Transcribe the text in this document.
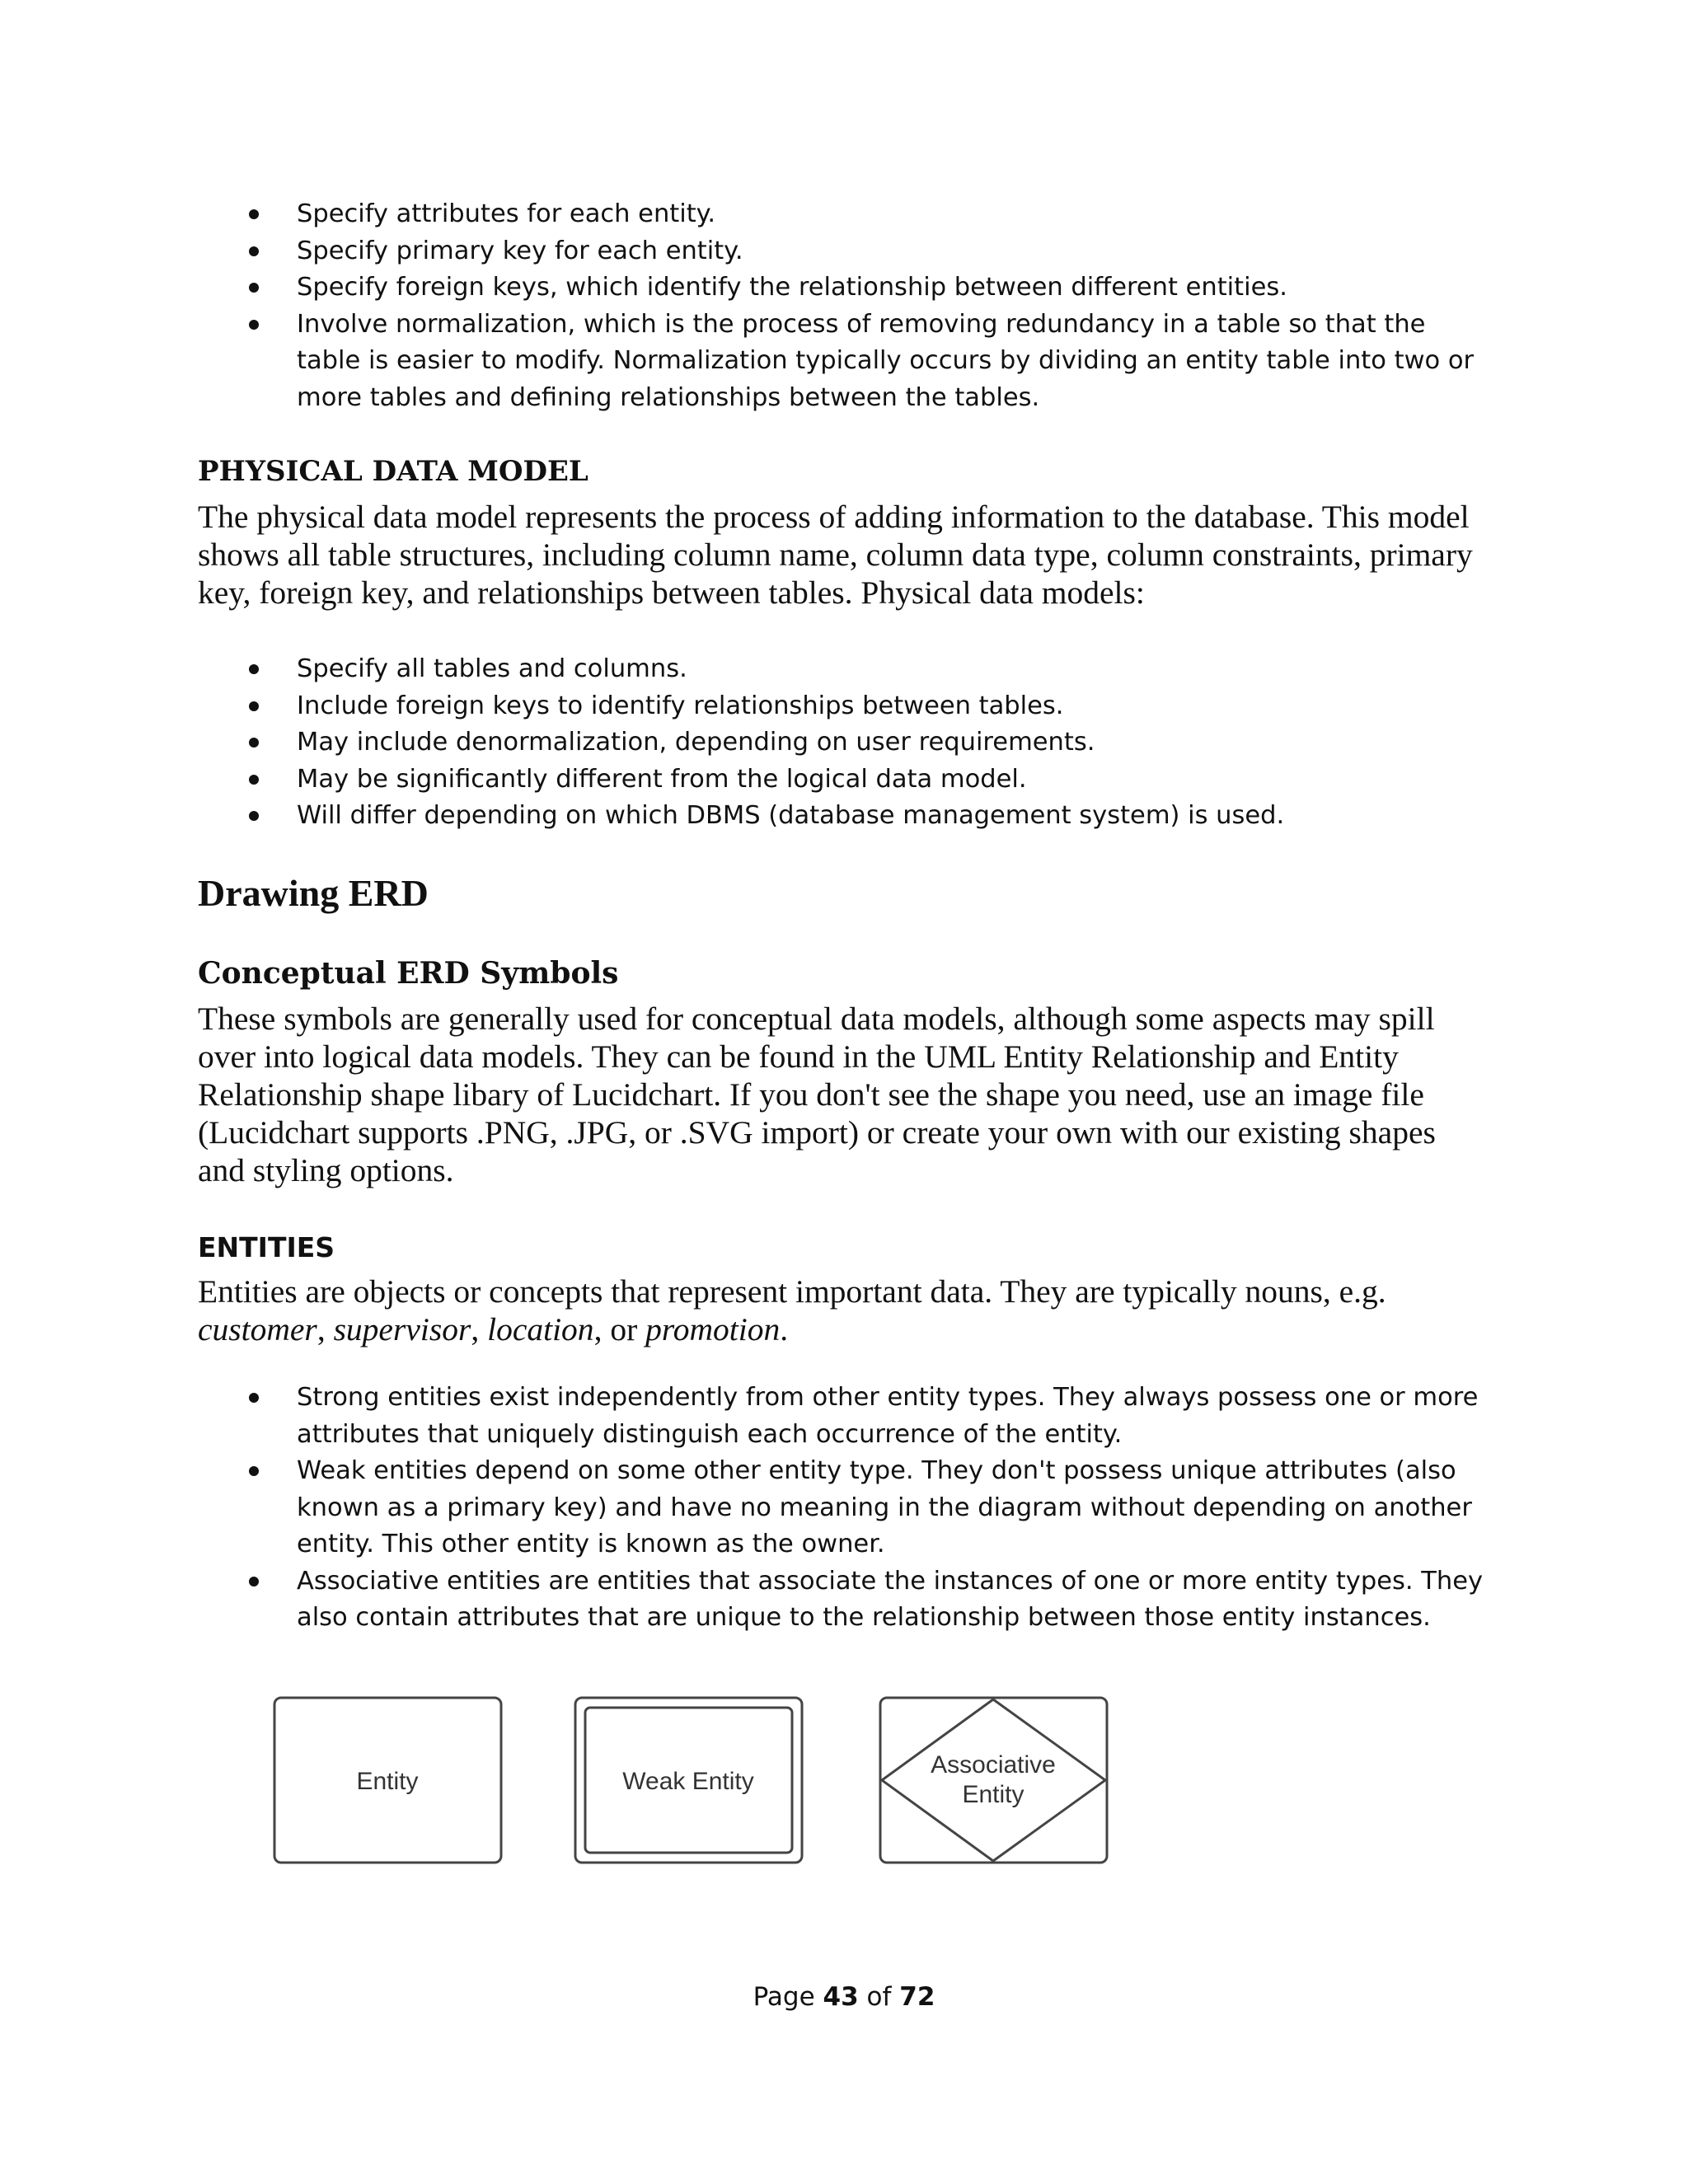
Specify attributes for each entity.
Specify primary key for each entity.
Specify foreign keys, which identify the relationship between different entities.
Involve normalization, which is the process of removing redundancy in a table so that the table is easier to modify. Normalization typically occurs by dividing an entity table into two or more tables and defining relationships between the tables.
PHYSICAL DATA MODEL

The physical data model represents the process of adding information to the database. This model shows all table structures, including column name, column data type, column constraints, primary key, foreign key, and relationships between tables. Physical data models:

Specify all tables and columns.
Include foreign keys to identify relationships between tables.
May include denormalization, depending on user requirements.
May be significantly different from the logical data model.
Will differ depending on which DBMS (database management system) is used.
Drawing ERD
Conceptual ERD Symbols

These symbols are generally used for conceptual data models, although some aspects may spill over into logical data models. They can be found in the UML Entity Relationship and Entity Relationship shape libary of Lucidchart. If you don't see the shape you need, use an image file (Lucidchart supports .PNG, .JPG, or .SVG import) or create your own with our existing shapes and styling options.

ENTITIES

Entities are objects or concepts that represent important data. They are typically nouns, e.g.
customer, supervisor, location, or promotion.

Strong entities exist independently from other entity types. They always possess one or more attributes that uniquely distinguish each occurrence of the entity.
Weak entities depend on some other entity type. They don't possess unique attributes (also known as a primary key) and have no meaning in the diagram without depending on another entity. This other entity is known as the owner.
Associative entities are entities that associate the instances of one or more entity types. They also contain attributes that are unique to the relationship between those entity instances.
Entity	Weak Entity
Associative
Entity
Page 43 of 72
